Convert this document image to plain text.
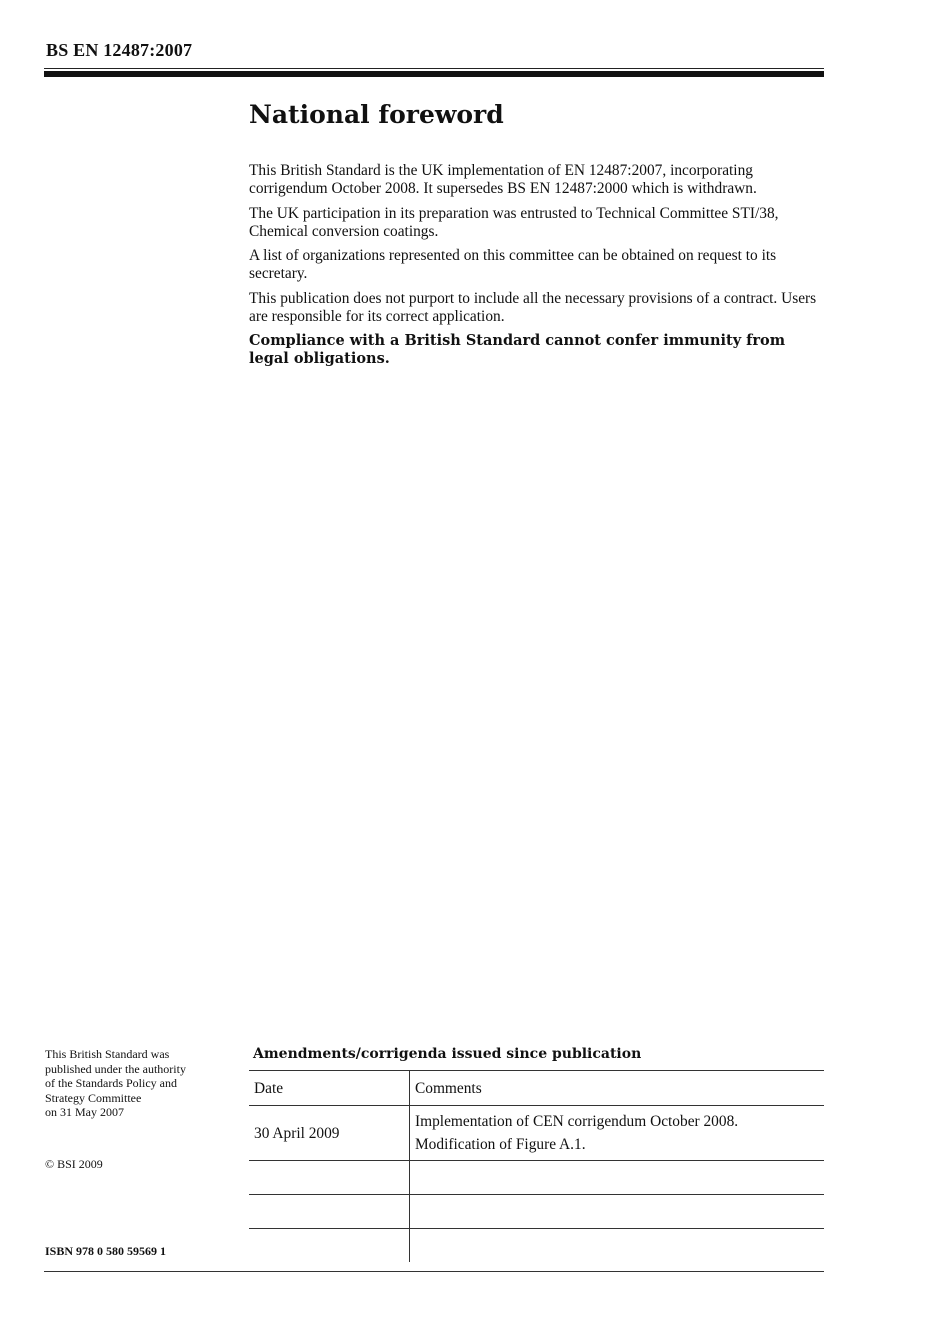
BS EN 12487:2007
National foreword

This British Standard is the UK implementation of EN 12487:2007, incorporating corrigendum October 2008. It supersedes BS EN 12487:2000 which is withdrawn.

The UK participation in its preparation was entrusted to Technical Committee STI/38, Chemical conversion coatings.

A list of organizations represented on this committee can be obtained on request to its secretary.

This publication does not purport to include all the necessary provisions of a contract. Users are responsible for its correct application.

Compliance with a British Standard cannot confer immunity from legal obligations.

This British Standard was
published under the authority
of the Standards Policy and
Strategy Committee
on 31 May 2007
© BSI 2009
ISBN 978 0 580 59569 1
Amendments/corrigenda issued since publication
Date	Comments
30 April 2009	Implementation of CEN corrigendum October 2008.
Modification of Figure A.1.
